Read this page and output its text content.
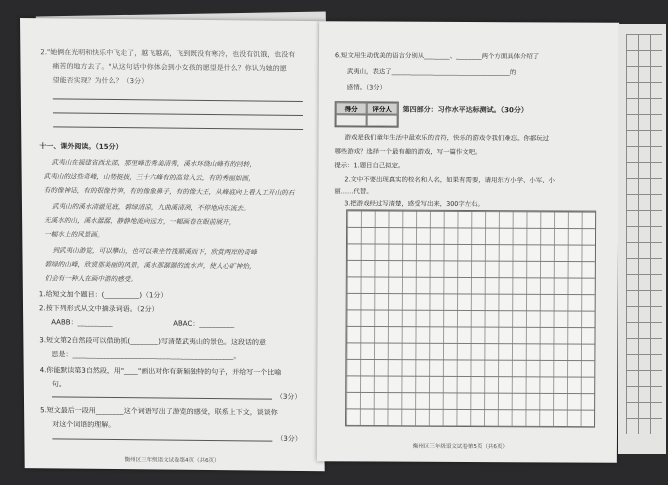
2."她俩在光明和快乐中飞走了，越飞越高，飞到既没有寒冷，也没有饥饿，也没有
痛苦的地方去了。"从这句话中你体会到小女孩的愿望是什么？你认为她的愿
望能否实现？为什么？（3分）
十一、课外阅读。（15分）
武夷山在福建省西北部，那里峰峦秀美清秀，溪水环绕山峰有的回转，
武夷山的这些奇峰，山势挺拔，三十六峰有的高耸入云，有的秀丽如画，
有的像神话，有的很像竹笋，有的像象鼻子，有的像大王，从峰底向上看人工开山的石
武夷山的溪水清澈见底，碧绿清凉，九曲溪清冽，不停地向东流去。
无溪水的山，溪水潺潺，静静地流向远方，一幅画卷在眼前展开，
一幅水上的风景画。
到武夷山游览，可以攀山，也可以乘坐竹筏顺溪而下，欣赏两岸的奇峰
碧绿的山峰，欣赏那美丽的风景，溪水那潺潺的流水声，使人心旷神怡，
们会有一种人在画中游的感受。
1.给短文加个题目：(__________)（1分）
2.按下列形式从文中摘录词语。（2分）
AABB：__________	ABAC：__________
3.短文第2自然段可以借助抓(________)写清楚武夷山的景色。这段话的意
思是：______________________________________________。
4.你能默读第3自然段，用"____"画出对你有新颖独特的句子，并给写一个比喻
句。
（3分）
5.短文最后一段用________这个词语写出了游览的感受，联系上下文，谈谈你
对这个词语的理解。
（3分）
衡州区三年级语文试卷第4页（共6页）
6.短文用生动优美的语言分别从________、________两个方面具体介绍了
武夷山，表达了_____________________________________的
感情。（3分）
得分	评分人	第四部分：习作水平达标测试。（30分）
游戏是我们童年生活中最欢乐的音符，快乐的游戏令我们难忘。你都玩过
哪些游戏？选择一个最有趣的游戏，写一篇作文吧。
提示：1.题目自己拟定。
2.文中不要出现真实的校名和人名，如果有需要，请用东方小学、小军、小
丽……代替。
3.把游戏经过写清楚，感受写出来，300字左右。
衡州区三年级语文试卷第5页（共6页）
